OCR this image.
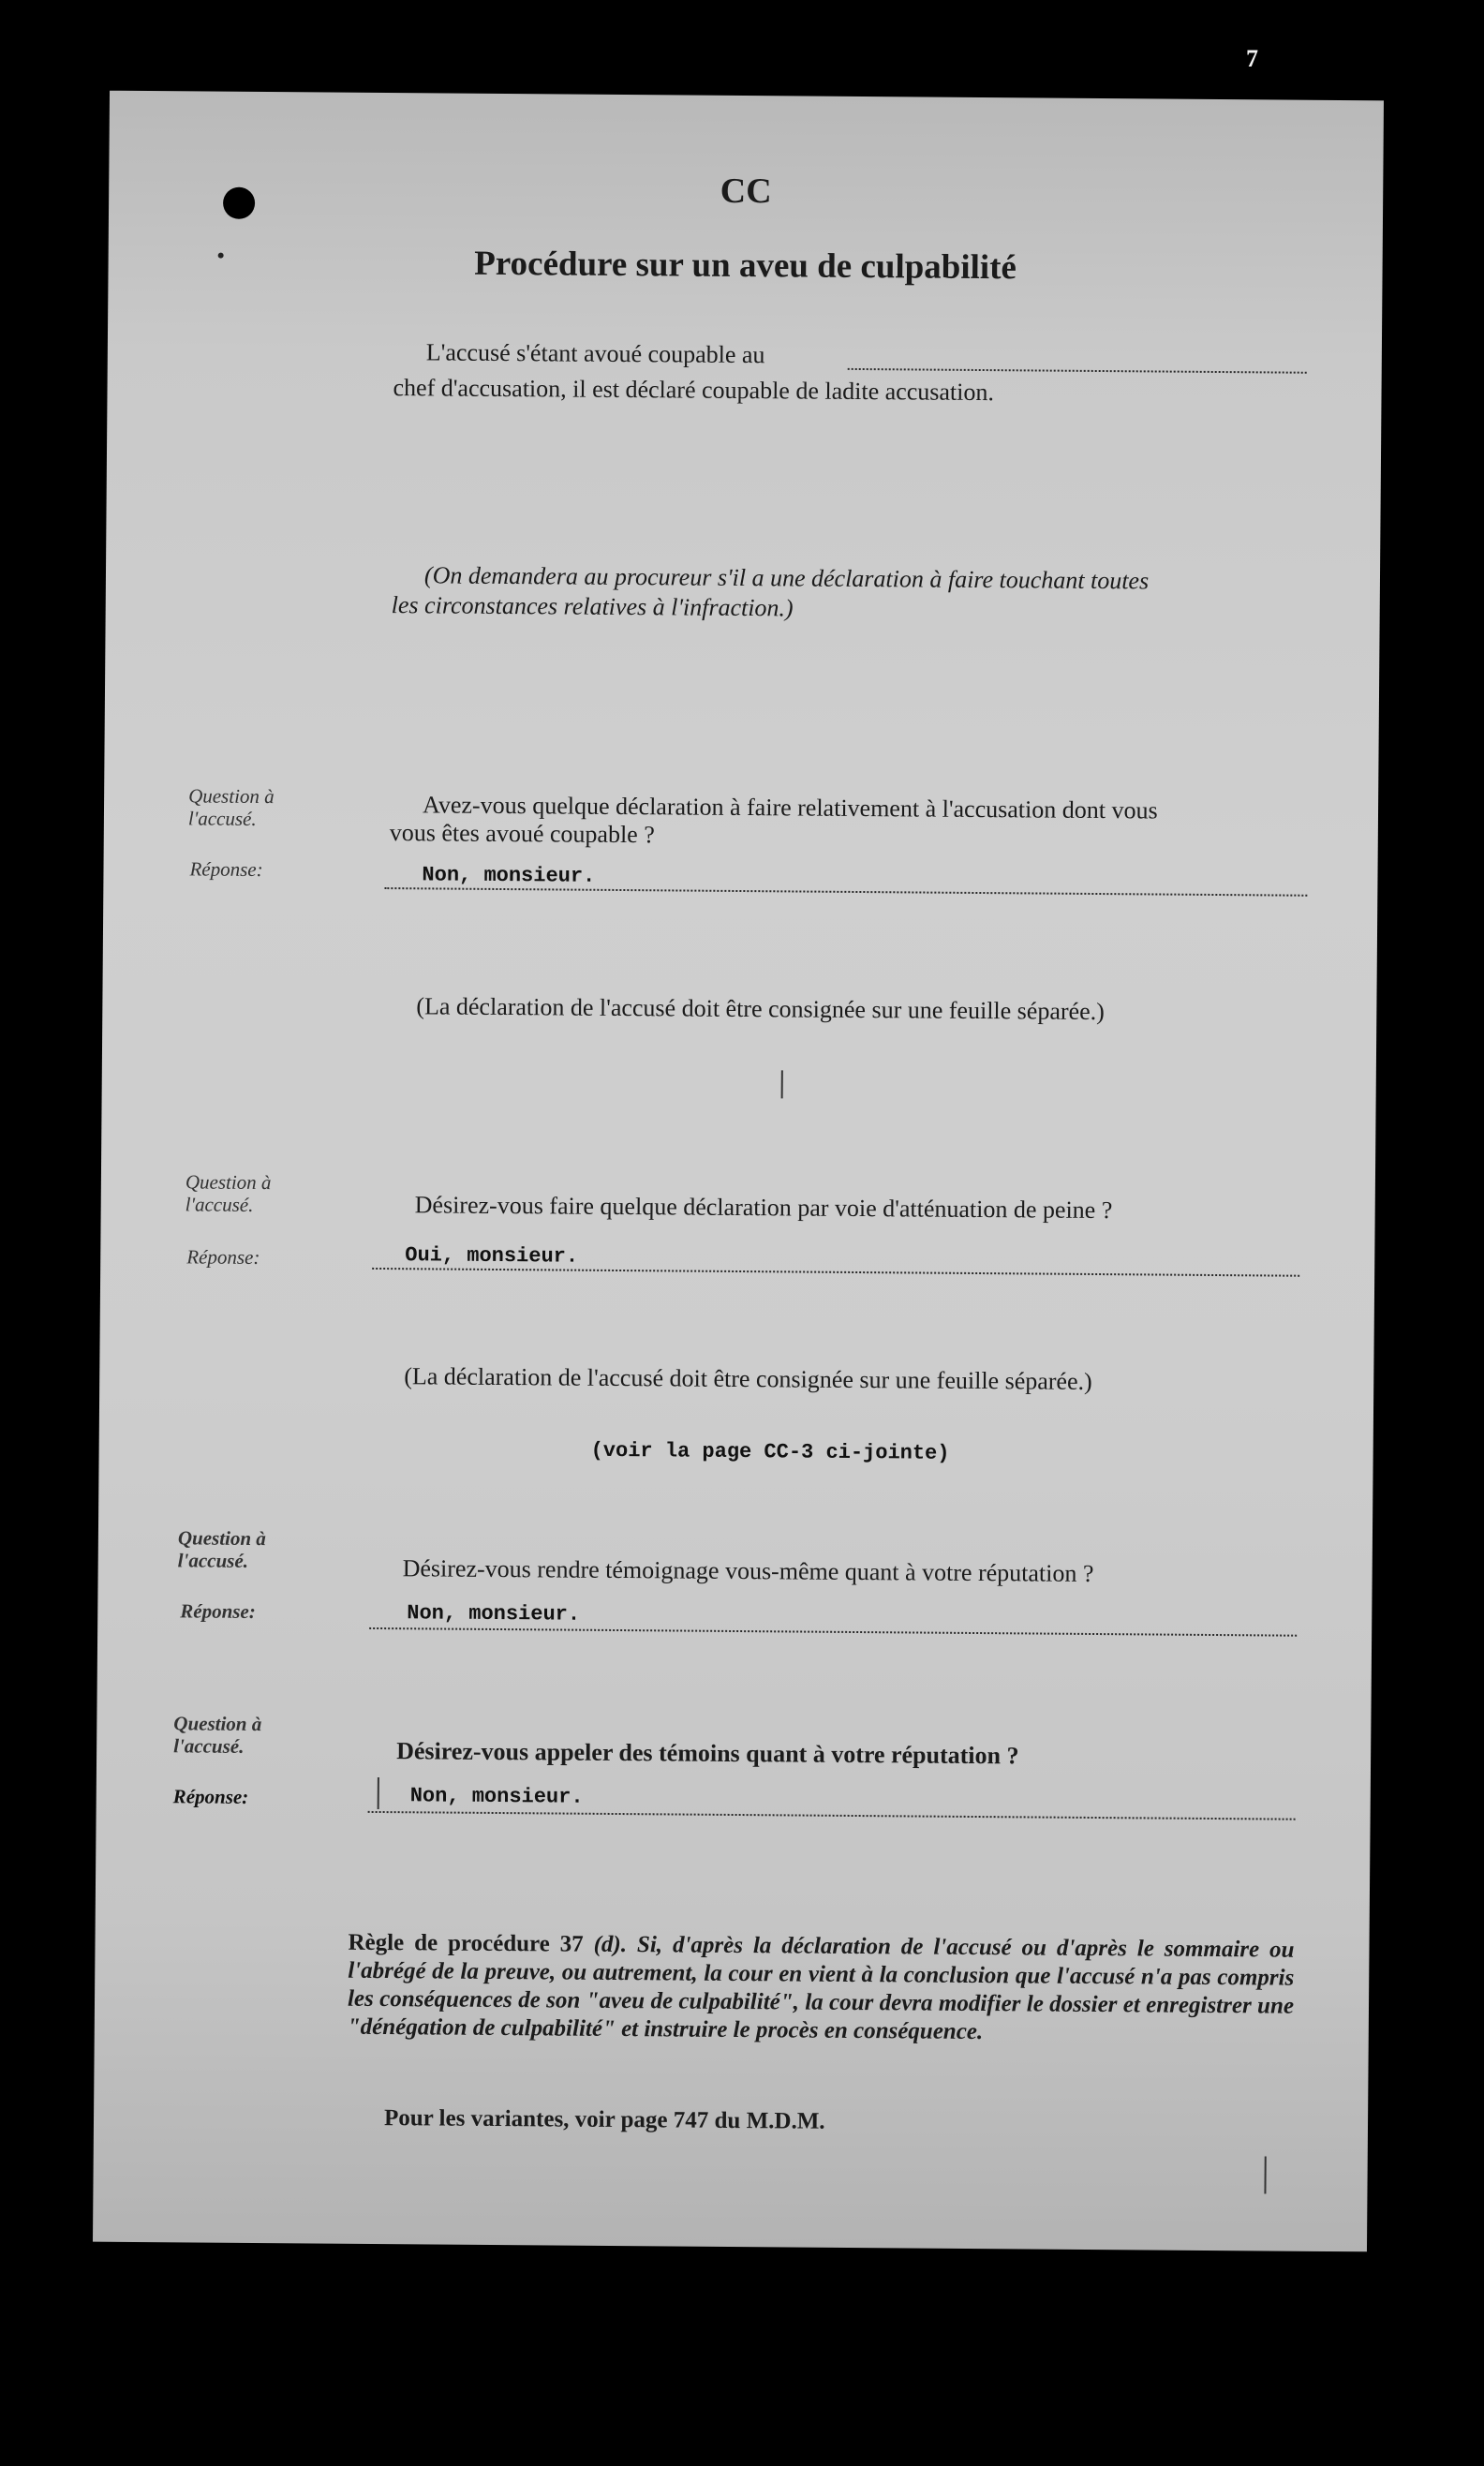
7
CC
Procédure sur un aveu de culpabilité
L'accusé s'étant avoué coupable au
chef d'accusation, il est déclaré coupable de ladite accusation.
(On demandera au procureur s'il a une déclaration à faire touchant toutes
les circonstances relatives à l'infraction.)
Question à
l'accusé.	Avez-vous quelque déclaration à faire relativement à l'accusation dont vous
vous êtes avoué coupable ?
Réponse:	Non, monsieur.
(La déclaration de l'accusé doit être consignée sur une feuille séparée.)
Question à
l'accusé.	Désirez-vous faire quelque déclaration par voie d'atténuation de peine ?
Réponse:	Oui, monsieur.
(La déclaration de l'accusé doit être consignée sur une feuille séparée.)
(voir la page CC-3 ci-jointe)
Question à
l'accusé.	Désirez-vous rendre témoignage vous-même quant à votre réputation ?
Réponse:	Non, monsieur.
Question à
l'accusé.	Désirez-vous appeler des témoins quant à votre réputation ?
Réponse:	Non, monsieur.
Règle de procédure 37 (d). Si, d'après la déclaration de l'accusé ou d'après le sommaire ou l'abrégé de la preuve, ou autrement, la cour en vient à la conclusion que l'accusé n'a pas compris les conséquences de son "aveu de culpabilité", la cour devra modifier le dossier et enregistrer une "dénégation de culpabilité" et instruire le procès en conséquence.
Pour les variantes, voir page 747 du M.D.M.
